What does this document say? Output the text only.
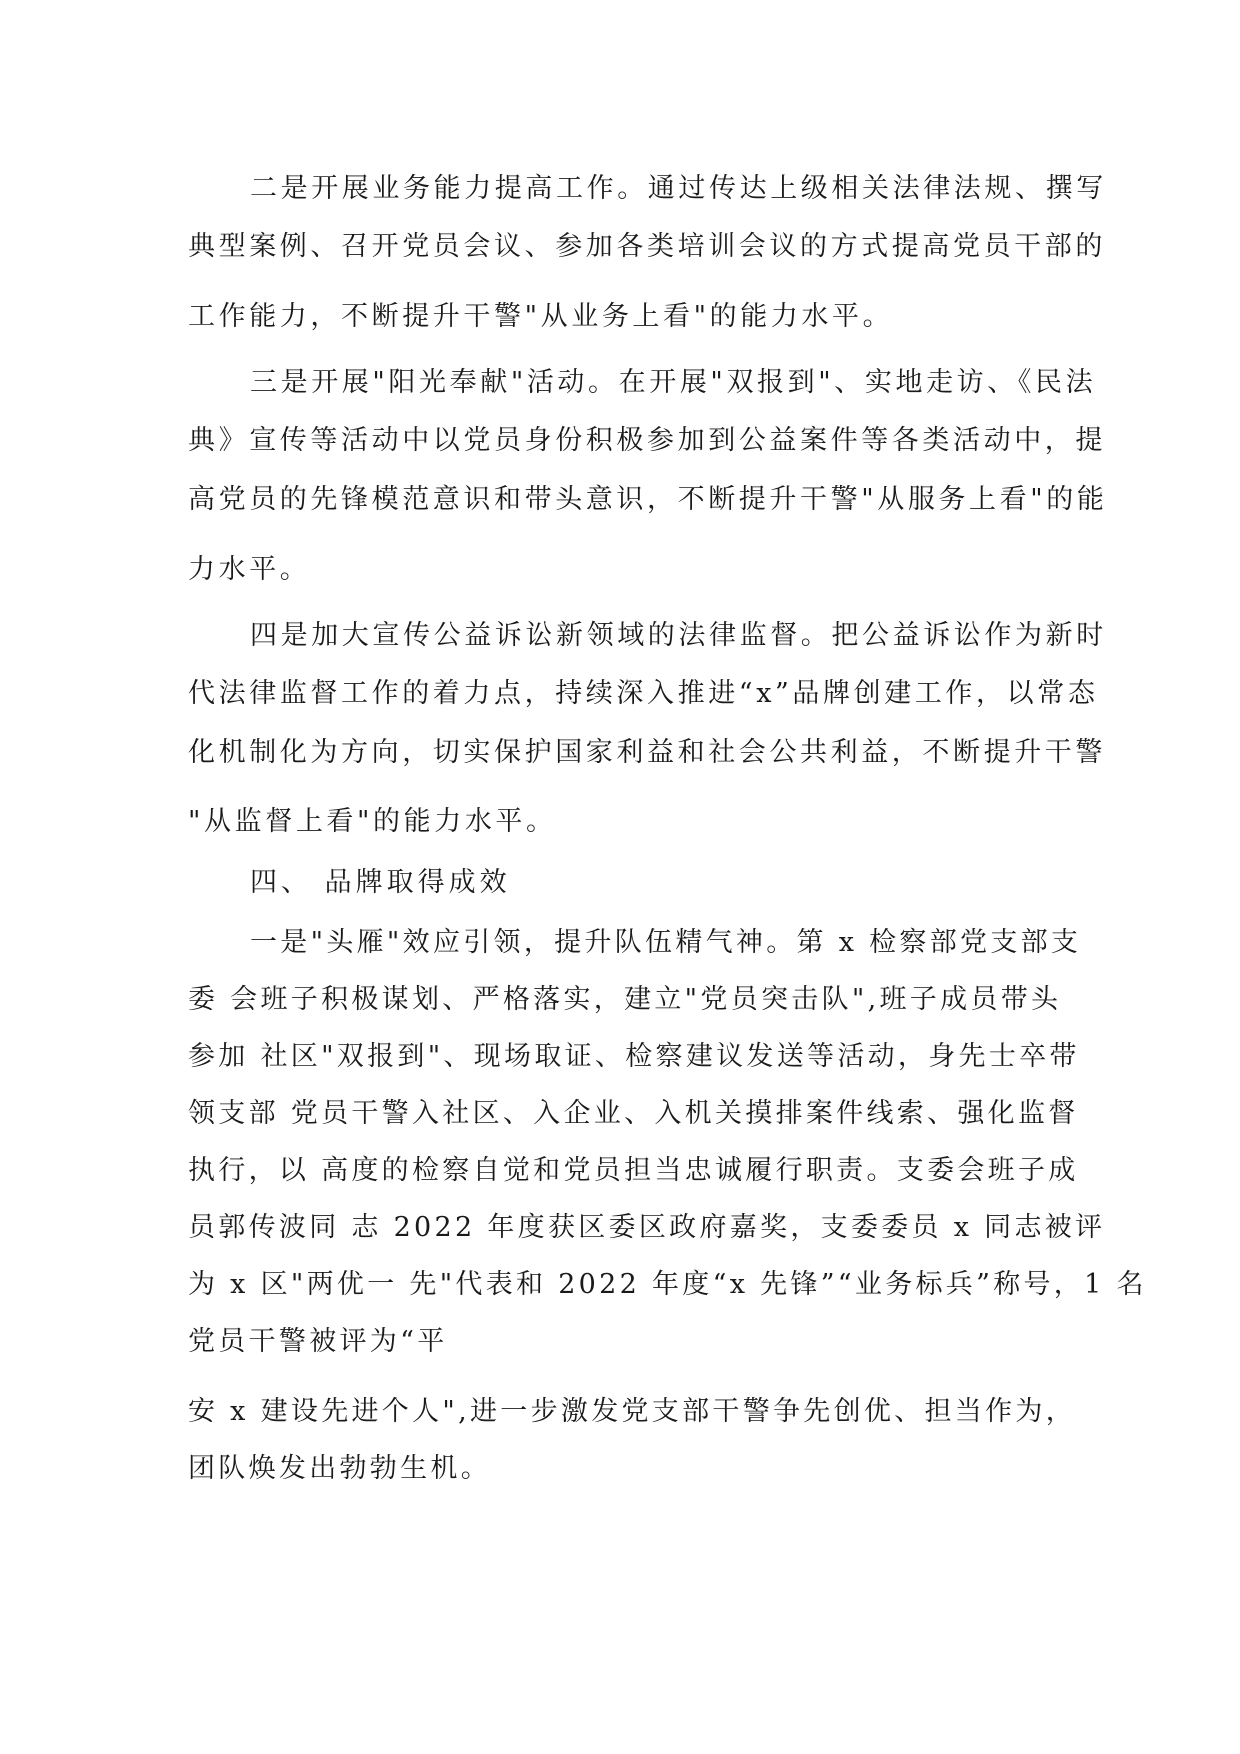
二是开展业务能力提高工作。通过传达上级相关法律法规、撰写
典型案例、召开党员会议、参加各类培训会议的方式提高党员干部的
工作能力，不断提升干警"从业务上看"的能力水平。
三是开展"阳光奉献"活动。在开展"双报到"、实地走访、《民法
典》宣传等活动中以党员身份积极参加到公益案件等各类活动中，提
高党员的先锋模范意识和带头意识，不断提升干警"从服务上看"的能
力水平。
四是加大宣传公益诉讼新领域的法律监督。把公益诉讼作为新时
代法律监督工作的着力点，持续深入推进“x”品牌创建工作，以常态
化机制化为方向，切实保护国家利益和社会公共利益，不断提升干警
"从监督上看"的能力水平。
四、 品牌取得成效
一是"头雁"效应引领，提升队伍精气神。第 x 检察部党支部支
委 会班子积极谋划、严格落实，建立"党员突击队",班子成员带头
参加 社区"双报到"、现场取证、检察建议发送等活动，身先士卒带
领支部 党员干警入社区、入企业、入机关摸排案件线索、强化监督
执行，以 高度的检察自觉和党员担当忠诚履行职责。支委会班子成
员郭传波同 志 2022 年度获区委区政府嘉奖，支委委员 x 同志被评
为 x 区"两优一 先"代表和 2022 年度“x 先锋”“业务标兵”称号，1 名
党员干警被评为“平
安 x 建设先进个人",进一步激发党支部干警争先创优、担当作为，
团队焕发出勃勃生机。
